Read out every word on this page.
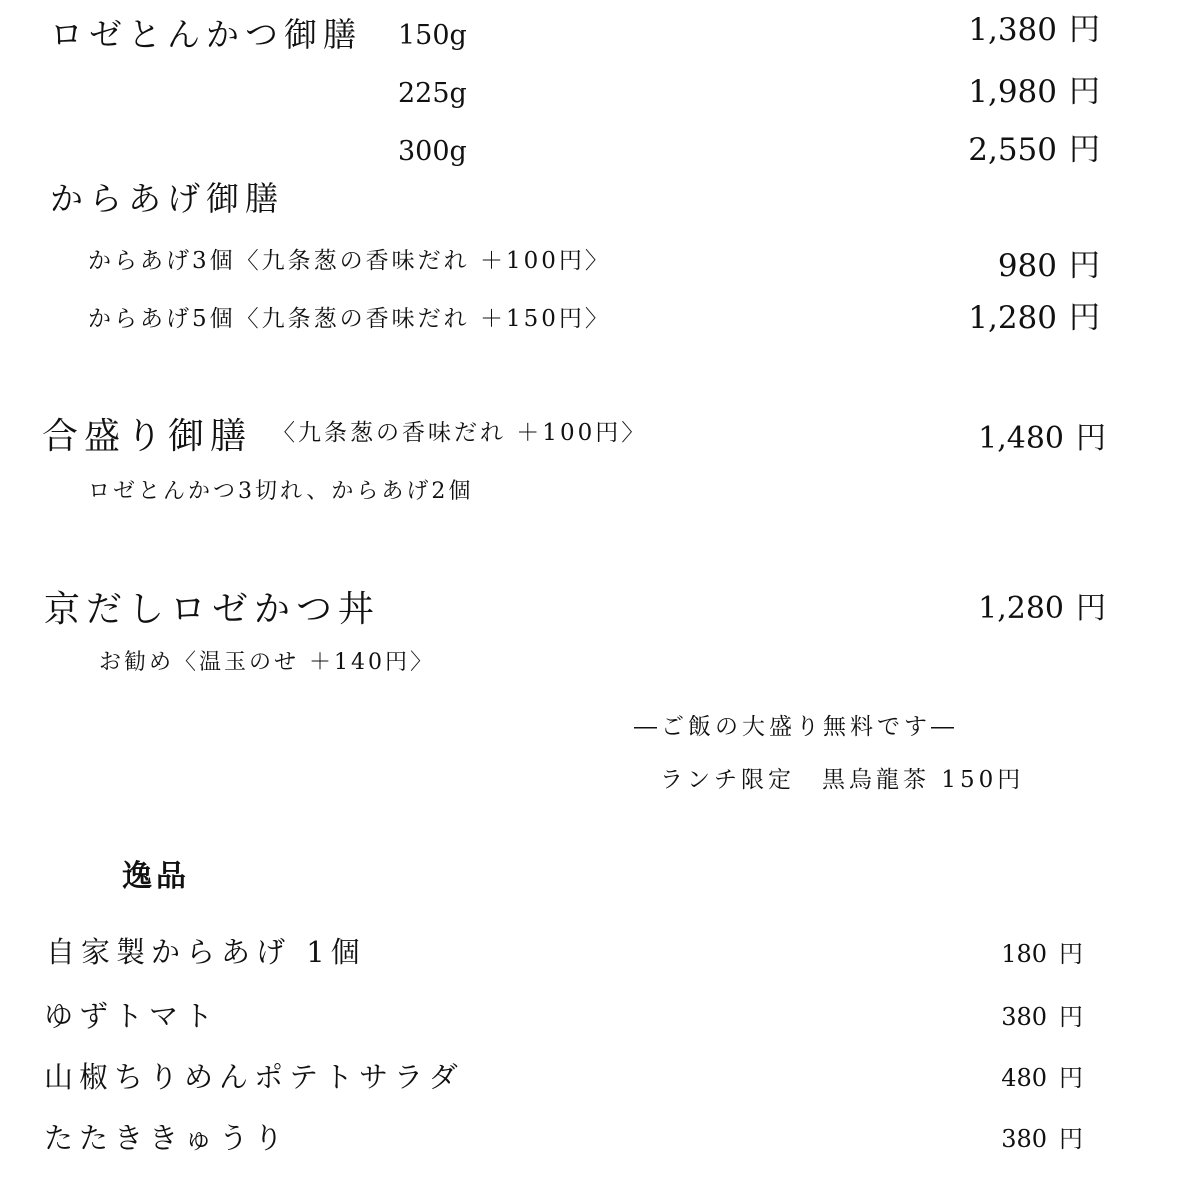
ロゼとんかつ御膳 150g	1,380 円
225g	1,980 円
300g	2,550 円
からあげ御膳
からあげ3個〈九条葱の香味だれ ＋100円〉	980 円
からあげ5個〈九条葱の香味だれ ＋150円〉	1,280 円
合盛り御膳 〈九条葱の香味だれ ＋100円〉	1,480 円
ロゼとんかつ3切れ、からあげ2個
京だしロゼかつ丼	1,280 円
お勧め〈温玉のせ ＋140円〉
―ご飯の大盛り無料です―
ランチ限定　黒烏龍茶 150円
逸品
自家製からあげ 1個	180 円
ゆずトマト	380 円
山椒ちりめんポテトサラダ	480 円
たたききゅうり	380 円
